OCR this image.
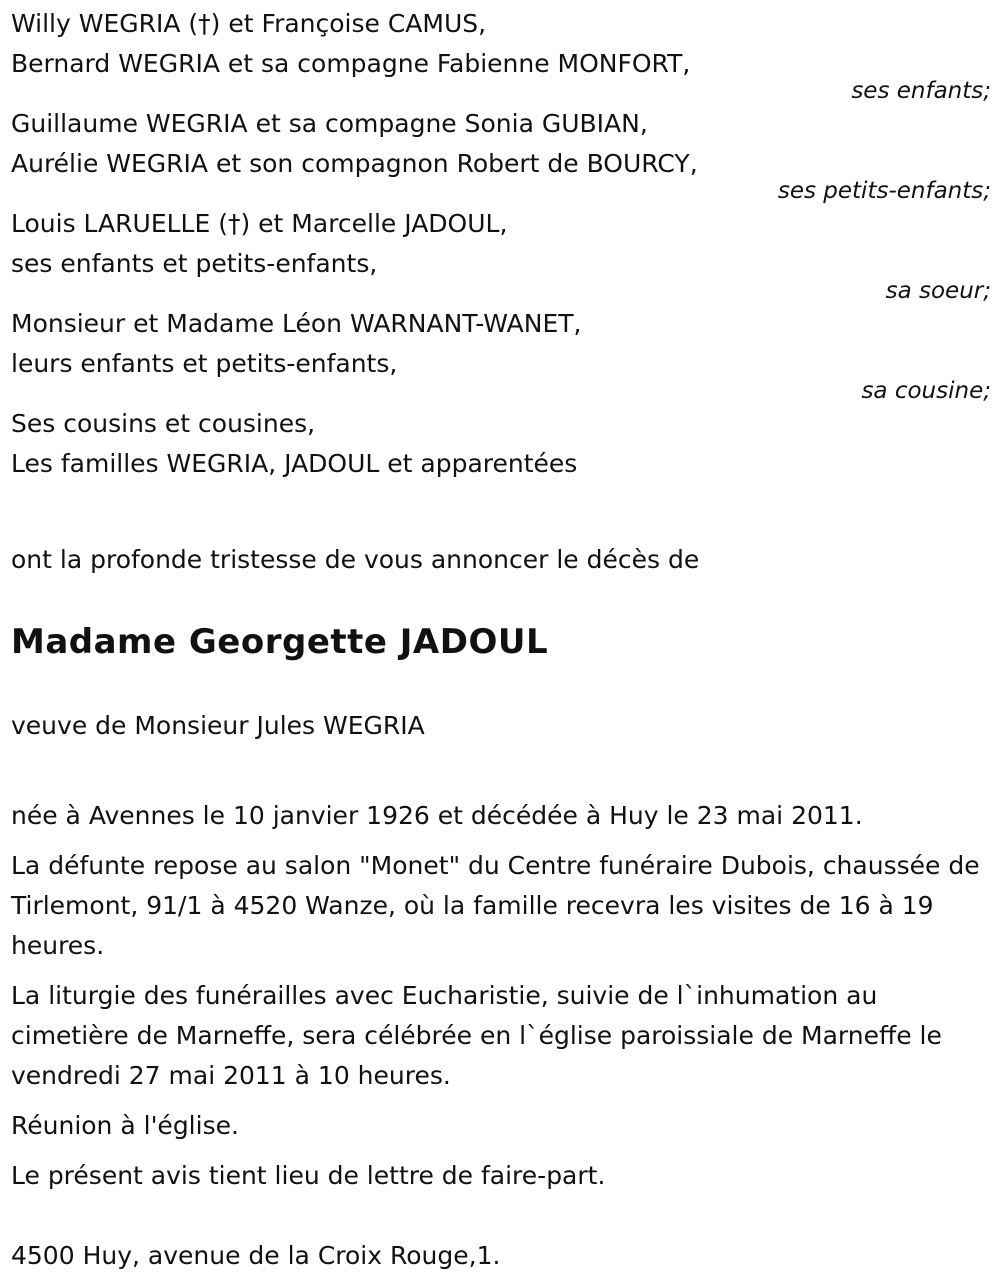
Willy WEGRIA (†) et Françoise CAMUS,
Bernard WEGRIA et sa compagne Fabienne MONFORT,
ses enfants;
Guillaume WEGRIA et sa compagne Sonia GUBIAN,
Aurélie WEGRIA et son compagnon Robert de BOURCY,
ses petits-enfants;
Louis LARUELLE (†) et Marcelle JADOUL,
ses enfants et petits-enfants,
sa soeur;
Monsieur et Madame Léon WARNANT-WANET,
leurs enfants et petits-enfants,
sa cousine;
Ses cousins et cousines,
Les familles WEGRIA, JADOUL et apparentées
ont la profonde tristesse de vous annoncer le décès de
Madame Georgette JADOUL
veuve de Monsieur Jules WEGRIA
née à Avennes le 10 janvier 1926 et décédée à Huy le 23 mai 2011.
La défunte repose au salon "Monet" du Centre funéraire Dubois, chaussée de Tirlemont, 91/1 à 4520 Wanze, où la famille recevra les visites de 16 à 19 heures.
La liturgie des funérailles avec Eucharistie, suivie de l`inhumation au cimetière de Marneffe, sera célébrée en l`église paroissiale de Marneffe le vendredi 27 mai 2011 à 10 heures.
Réunion à l'église.
Le présent avis tient lieu de lettre de faire-part.
4500 Huy, avenue de la Croix Rouge,1.
